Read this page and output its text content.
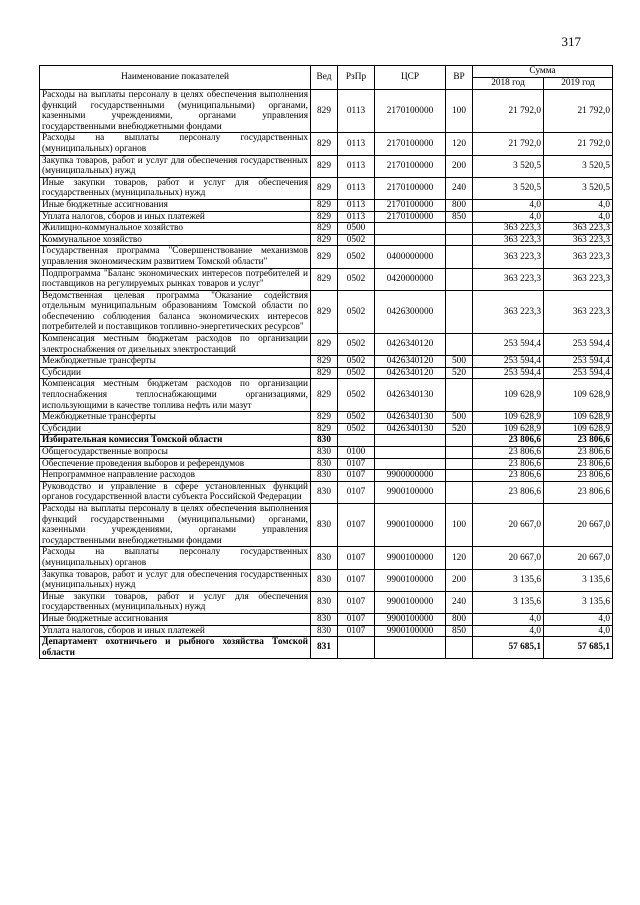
317
Наименование показателей	Вед	РзПр	ЦСР	ВР	Сумма	
					2018 год	2019 год
Расходы на выплаты персоналу в целях обеспечения выполнения функций государственными (муниципальными) органами, казенными учреждениями, органами управления государственными внебюджетными фондами	829	0113	2170100000	100	21 792,0	21 792,0
Расходы на выплаты персоналу государственных (муниципальных) органов	829	0113	2170100000	120	21 792,0	21 792,0
Закупка товаров, работ и услуг для обеспечения государственных (муниципальных) нужд	829	0113	2170100000	200	3 520,5	3 520,5
Иные закупки товаров, работ и услуг для обеспечения государственных (муниципальных) нужд	829	0113	2170100000	240	3 520,5	3 520,5
Иные бюджетные ассигнования	829	0113	2170100000	800	4,0	4,0
Уплата налогов, сборов и иных платежей	829	0113	2170100000	850	4,0	4,0
Жилищно-коммунальное хозяйство	829	0500			363 223,3	363 223,3
Коммунальное хозяйство	829	0502			363 223,3	363 223,3
Государственная программа "Совершенствование механизмов управления экономическим развитием Томской области"	829	0502	0400000000		363 223,3	363 223,3
Подпрограмма "Баланс экономических интересов потребителей и поставщиков на регулируемых рынках товаров и услуг"	829	0502	0420000000		363 223,3	363 223,3
Ведомственная целевая программа "Оказание содействия отдельным муниципальным образованиям Томской области по обеспечению соблюдения баланса экономических интересов потребителей и поставщиков топливно-энергетических ресурсов"	829	0502	0426300000		363 223,3	363 223,3
Компенсация местным бюджетам расходов по организации электроснабжения от дизельных электростанций	829	0502	0426340120		253 594,4	253 594,4
Межбюджетные трансферты	829	0502	0426340120	500	253 594,4	253 594,4
Субсидии	829	0502	0426340120	520	253 594,4	253 594,4
Компенсация местным бюджетам расходов по организации теплоснабжения теплоснабжающими организациями, использующими в качестве топлива нефть или мазут	829	0502	0426340130		109 628,9	109 628,9
Межбюджетные трансферты	829	0502	0426340130	500	109 628,9	109 628,9
Субсидии	829	0502	0426340130	520	109 628,9	109 628,9
Избирательная комиссия Томской области	830				23 806,6	23 806,6
Общегосударственные вопросы	830	0100			23 806,6	23 806,6
Обеспечение проведения выборов и референдумов	830	0107			23 806,6	23 806,6
Непрограммное направление расходов	830	0107	9900000000		23 806,6	23 806,6
Руководство и управление в сфере установленных функций органов государственной власти субъекта Российской Федерации	830	0107	9900100000		23 806,6	23 806,6
Расходы на выплаты персоналу в целях обеспечения выполнения функций государственными (муниципальными) органами, казенными учреждениями, органами управления государственными внебюджетными фондами	830	0107	9900100000	100	20 667,0	20 667,0
Расходы на выплаты персоналу государственных (муниципальных) органов	830	0107	9900100000	120	20 667,0	20 667,0
Закупка товаров, работ и услуг для обеспечения государственных (муниципальных) нужд	830	0107	9900100000	200	3 135,6	3 135,6
Иные закупки товаров, работ и услуг для обеспечения государственных (муниципальных) нужд	830	0107	9900100000	240	3 135,6	3 135,6
Иные бюджетные ассигнования	830	0107	9900100000	800	4,0	4,0
Уплата налогов, сборов и иных платежей	830	0107	9900100000	850	4,0	4,0
Департамент охотничьего и рыбного хозяйства Томской области	831				57 685,1	57 685,1
